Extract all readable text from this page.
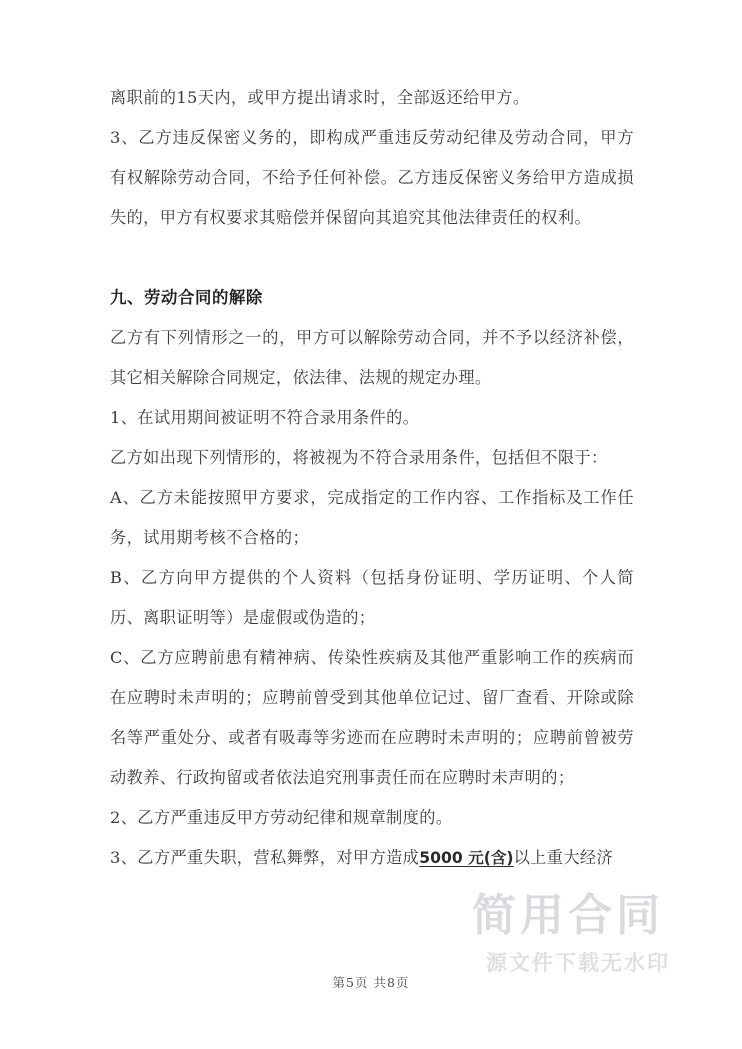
简用合同
源文件下载无水印

离职前的15天内，或甲方提出请求时，全部返还给甲方。

3、乙方违反保密义务的，即构成严重违反劳动纪律及劳动合同，甲方有权解除劳动合同，不给予任何补偿。乙方违反保密义务给甲方造成损失的，甲方有权要求其赔偿并保留向其追究其他法律责任的权利。

九、劳动合同的解除

乙方有下列情形之一的，甲方可以解除劳动合同，并不予以经济补偿，其它相关解除合同规定，依法律、法规的规定办理。

1、在试用期间被证明不符合录用条件的。

乙方如出现下列情形的，将被视为不符合录用条件，包括但不限于：

A、乙方未能按照甲方要求，完成指定的工作内容、工作指标及工作任务，试用期考核不合格的；

B、乙方向甲方提供的个人资料（包括身份证明、学历证明、个人简历、离职证明等）是虚假或伪造的；

C、乙方应聘前患有精神病、传染性疾病及其他严重影响工作的疾病而在应聘时未声明的；应聘前曾受到其他单位记过、留厂查看、开除或除名等严重处分、或者有吸毒等劣迹而在应聘时未声明的；应聘前曾被劳动教养、行政拘留或者依法追究刑事责任而在应聘时未声明的；

2、乙方严重违反甲方劳动纪律和规章制度的。

3、乙方严重失职，营私舞弊，对甲方造成5000 元(含)以上重大经济

第5页 共8页
